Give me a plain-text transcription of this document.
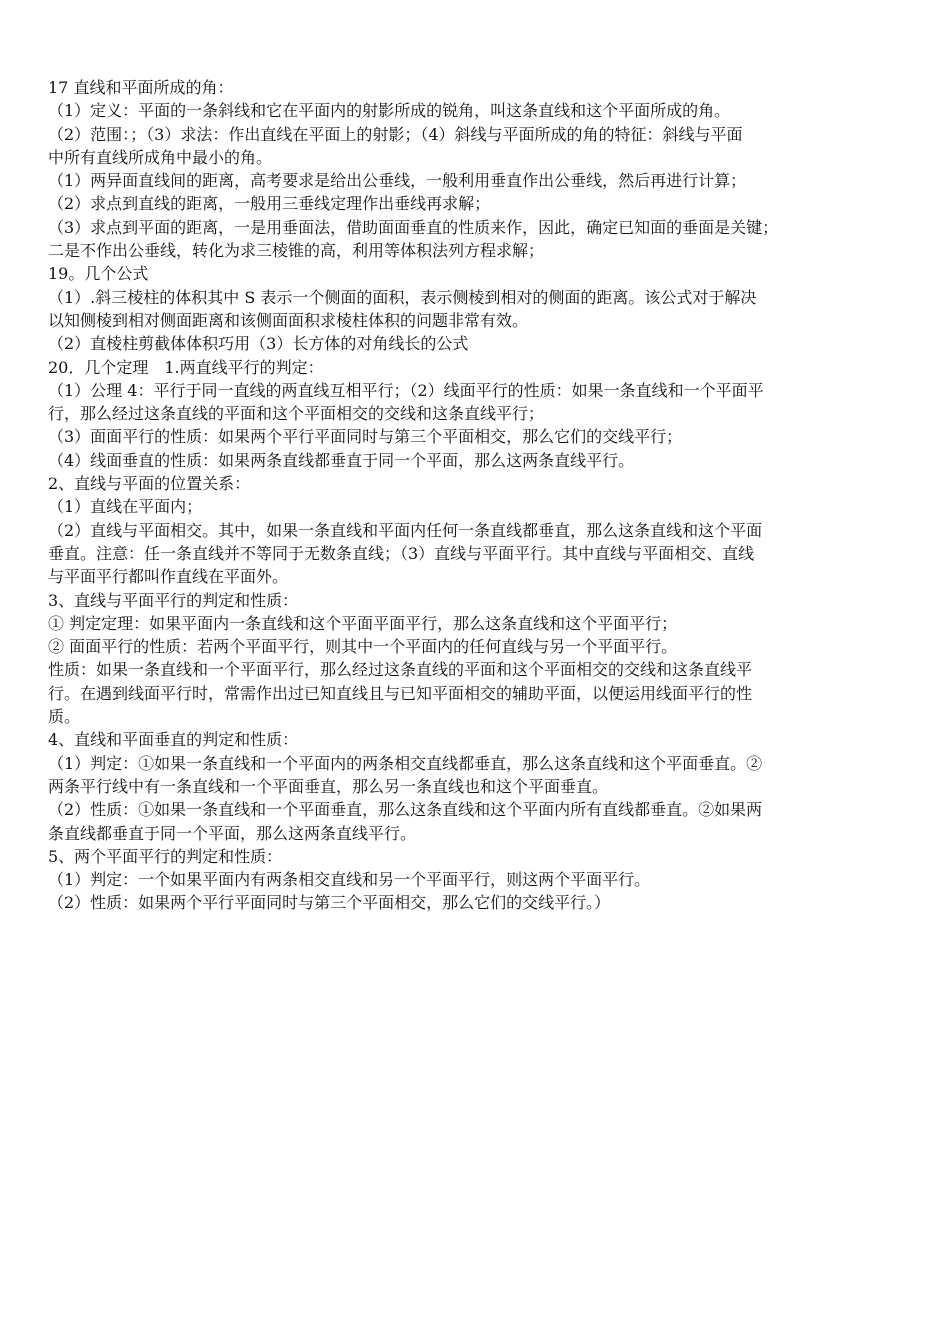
17 直线和平面所成的角：
（1）定义：平面的一条斜线和它在平面内的射影所成的锐角，叫这条直线和这个平面所成的角。
（2）范围：；（3）求法：作出直线在平面上的射影；（4）斜线与平面所成的角的特征：斜线与平面
中所有直线所成角中最小的角。
（1）两异面直线间的距离，高考要求是给出公垂线，一般利用垂直作出公垂线，然后再进行计算；
（2）求点到直线的距离，一般用三垂线定理作出垂线再求解；
（3）求点到平面的距离，一是用垂面法，借助面面垂直的性质来作，因此，确定已知面的垂面是关键；
二是不作出公垂线，转化为求三棱锥的高，利用等体积法列方程求解；
19。几个公式
（1）.斜三棱柱的体积其中 S 表示一个侧面的面积，表示侧棱到相对的侧面的距离。该公式对于解决
以知侧棱到相对侧面距离和该侧面面积求棱柱体积的问题非常有效。
（2）直棱柱剪截体体积巧用（3）长方体的对角线长的公式
20．几个定理　1.两直线平行的判定：
（1）公理 4：平行于同一直线的两直线互相平行；（2）线面平行的性质：如果一条直线和一个平面平
行，那么经过这条直线的平面和这个平面相交的交线和这条直线平行；
（3）面面平行的性质：如果两个平行平面同时与第三个平面相交，那么它们的交线平行；
（4）线面垂直的性质：如果两条直线都垂直于同一个平面，那么这两条直线平行。
2、直线与平面的位置关系：
（1）直线在平面内；
（2）直线与平面相交。其中，如果一条直线和平面内任何一条直线都垂直，那么这条直线和这个平面
垂直。注意：任一条直线并不等同于无数条直线；（3）直线与平面平行。其中直线与平面相交、直线
与平面平行都叫作直线在平面外。
3、直线与平面平行的判定和性质：
① 判定定理：如果平面内一条直线和这个平面平面平行，那么这条直线和这个平面平行；
② 面面平行的性质：若两个平面平行，则其中一个平面内的任何直线与另一个平面平行。
性质：如果一条直线和一个平面平行，那么经过这条直线的平面和这个平面相交的交线和这条直线平
行。在遇到线面平行时，常需作出过已知直线且与已知平面相交的辅助平面，以便运用线面平行的性
质。
4、直线和平面垂直的判定和性质：
（1）判定：①如果一条直线和一个平面内的两条相交直线都垂直，那么这条直线和这个平面垂直。②
两条平行线中有一条直线和一个平面垂直，那么另一条直线也和这个平面垂直。
（2）性质：①如果一条直线和一个平面垂直，那么这条直线和这个平面内所有直线都垂直。②如果两
条直线都垂直于同一个平面，那么这两条直线平行。
5、两个平面平行的判定和性质：
（1）判定：一个如果平面内有两条相交直线和另一个平面平行，则这两个平面平行。
（2）性质：如果两个平行平面同时与第三个平面相交，那么它们的交线平行。）
